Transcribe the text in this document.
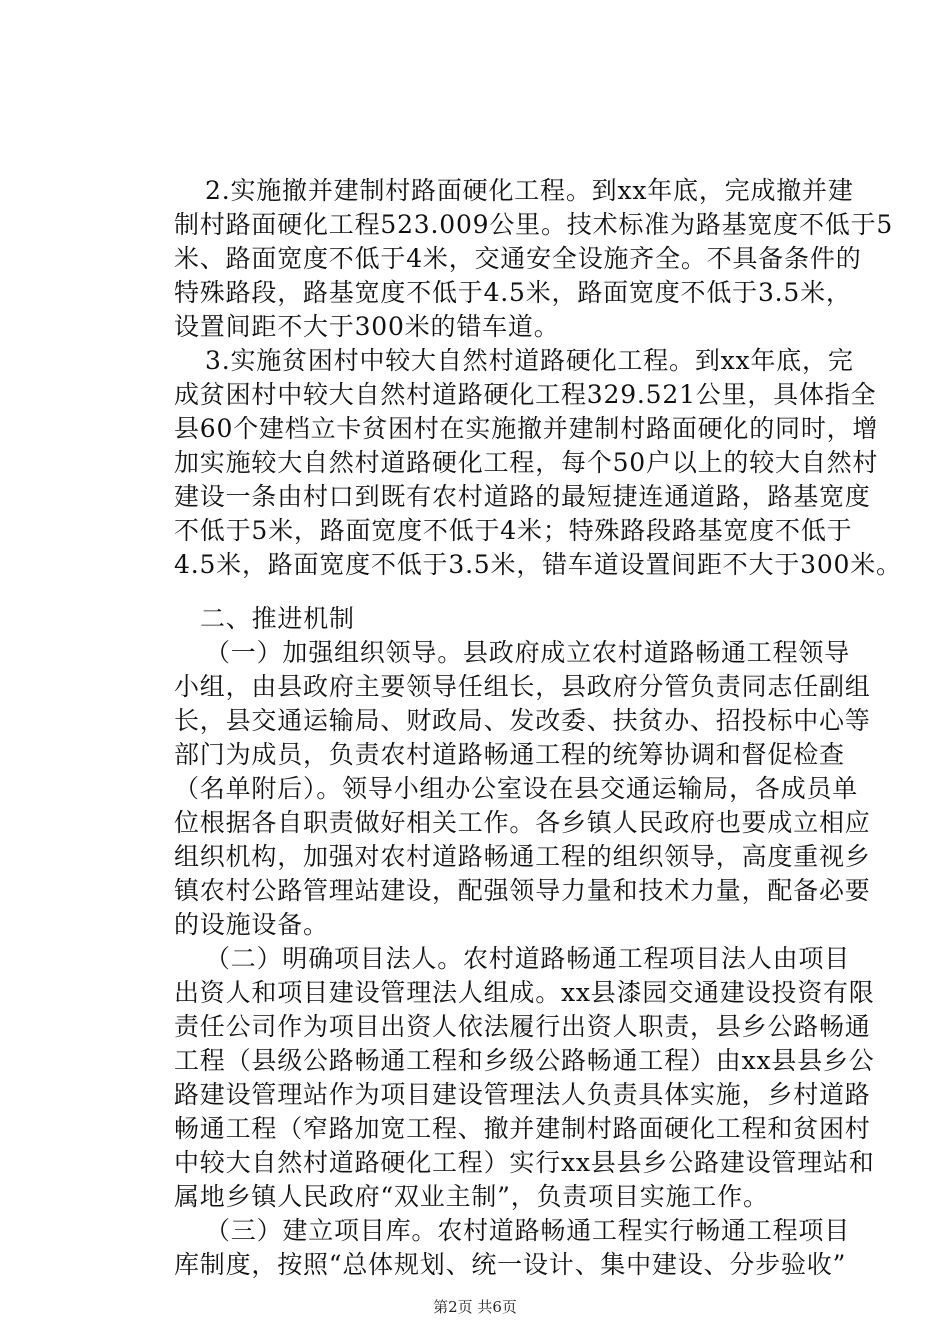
2.实施撤并建制村路面硬化工程。到xx年底，完成撤并建
制村路面硬化工程523.009公里。技术标准为路基宽度不低于5
米、路面宽度不低于4米，交通安全设施齐全。不具备条件的
特殊路段，路基宽度不低于4.5米，路面宽度不低于3.5米，
设置间距不大于300米的错车道。
3.实施贫困村中较大自然村道路硬化工程。到xx年底，完
成贫困村中较大自然村道路硬化工程329.521公里，具体指全
县60个建档立卡贫困村在实施撤并建制村路面硬化的同时，增
加实施较大自然村道路硬化工程，每个50户以上的较大自然村
建设一条由村口到既有农村道路的最短捷连通道路，路基宽度
不低于5米，路面宽度不低于4米；特殊路段路基宽度不低于
4.5米，路面宽度不低于3.5米，错车道设置间距不大于300米。
二、推进机制
（一）加强组织领导。县政府成立农村道路畅通工程领导
小组，由县政府主要领导任组长，县政府分管负责同志任副组
长，县交通运输局、财政局、发改委、扶贫办、招投标中心等
部门为成员，负责农村道路畅通工程的统筹协调和督促检查
（名单附后）。领导小组办公室设在县交通运输局，各成员单
位根据各自职责做好相关工作。各乡镇人民政府也要成立相应
组织机构，加强对农村道路畅通工程的组织领导，高度重视乡
镇农村公路管理站建设，配强领导力量和技术力量，配备必要
的设施设备。
（二）明确项目法人。农村道路畅通工程项目法人由项目
出资人和项目建设管理法人组成。xx县漆园交通建设投资有限
责任公司作为项目出资人依法履行出资人职责，县乡公路畅通
工程（县级公路畅通工程和乡级公路畅通工程）由xx县县乡公
路建设管理站作为项目建设管理法人负责具体实施，乡村道路
畅通工程（窄路加宽工程、撤并建制村路面硬化工程和贫困村
中较大自然村道路硬化工程）实行xx县县乡公路建设管理站和
属地乡镇人民政府“双业主制”，负责项目实施工作。
（三）建立项目库。农村道路畅通工程实行畅通工程项目
库制度，按照“总体规划、统一设计、集中建设、分步验收”
第2页 共6页
